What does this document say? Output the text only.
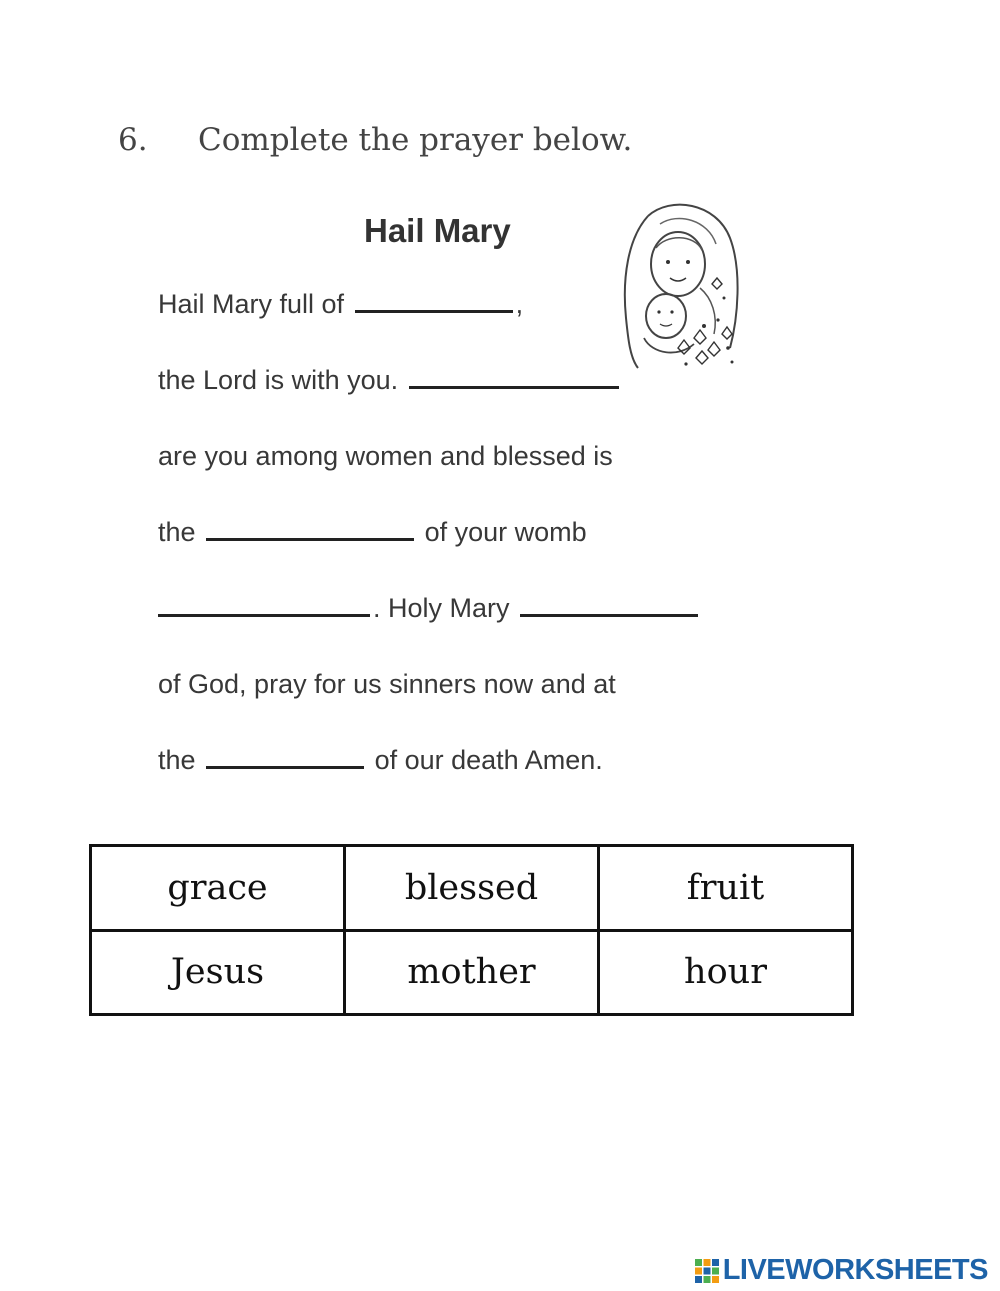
6. Complete the prayer below.
Hail Mary
Hail Mary full of	,
the Lord is with you.
are you among women and blessed is
the	of your womb
. Holy Mary
of God, pray for us sinners now and at
the	of our death Amen.
grace	blessed	fruit
Jesus	mother	hour
LIVEWORKSHEETS
